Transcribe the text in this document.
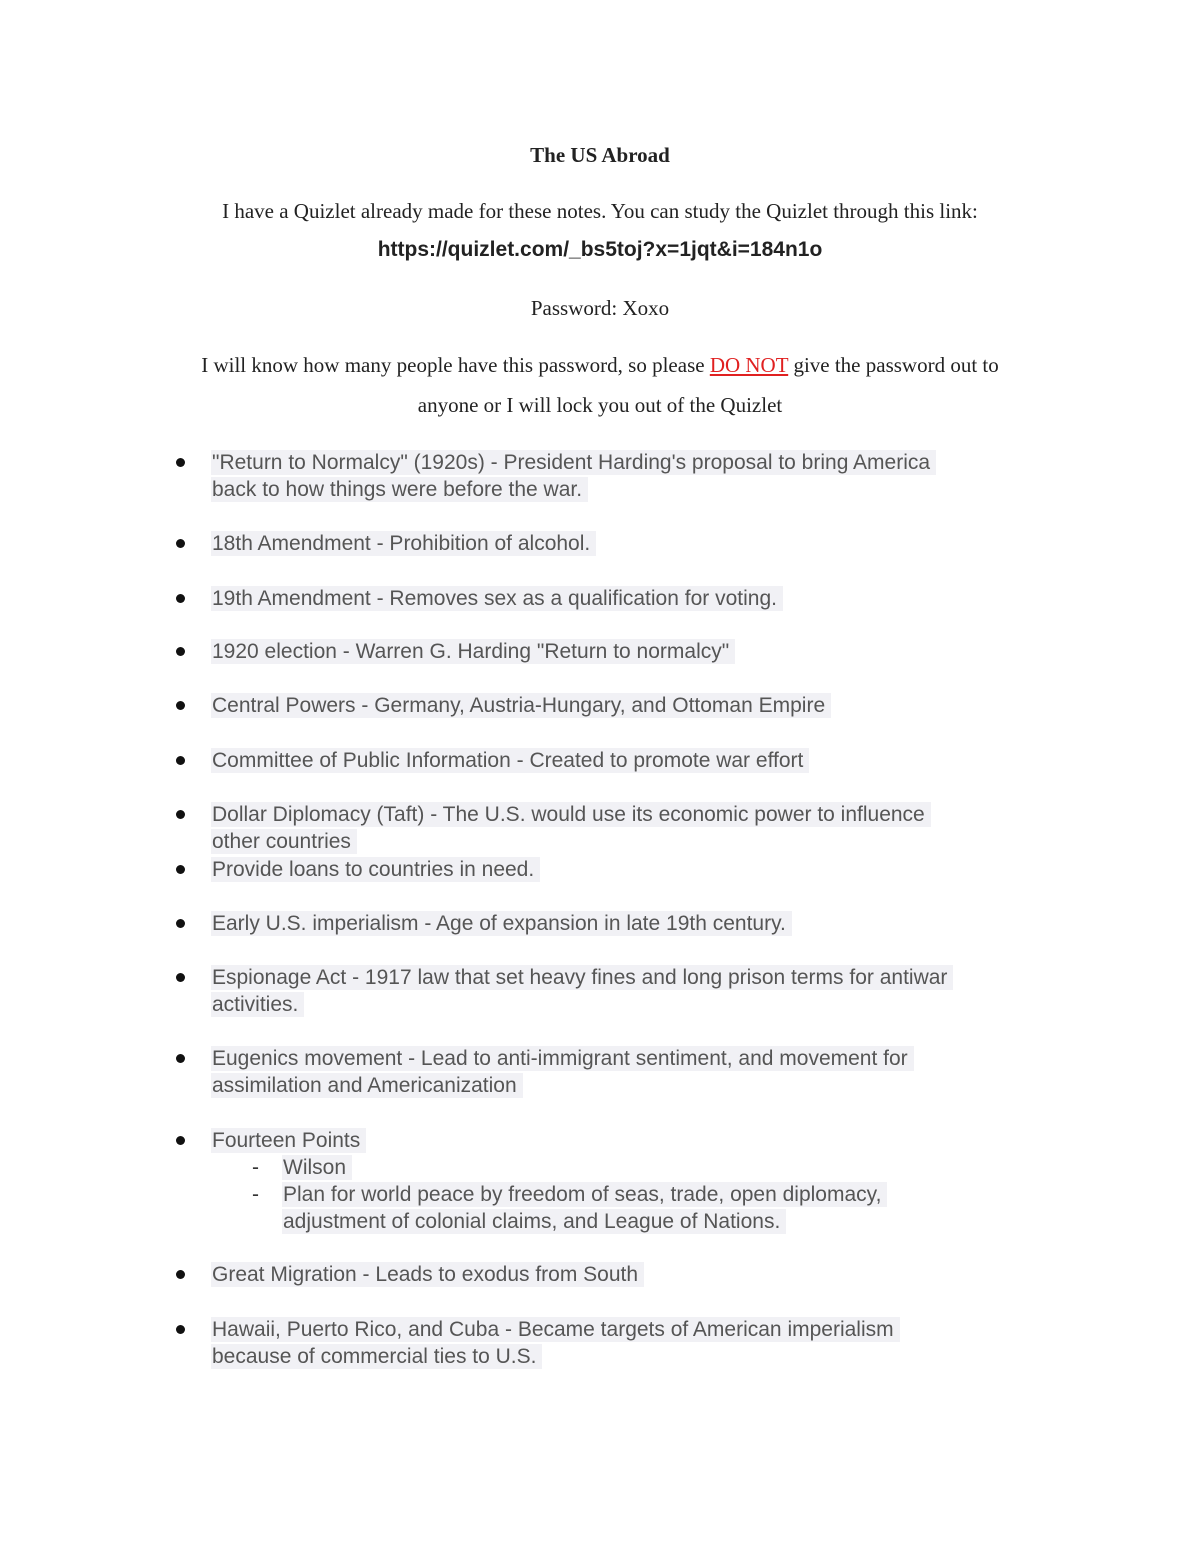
The US Abroad
I have a Quizlet already made for these notes. You can study the Quizlet through this link:
https://quizlet.com/_bs5toj?x=1jqt&i=184n1o
Password: Xoxo
I will know how many people have this password, so please DO NOT give the password out to
anyone or I will lock you out of the Quizlet
"Return to Normalcy" (1920s) - President Harding's proposal to bring America
back to how things were before the war.
18th Amendment - Prohibition of alcohol.
19th Amendment - Removes sex as a qualification for voting.
1920 election - Warren G. Harding "Return to normalcy"
Central Powers - Germany, Austria-Hungary, and Ottoman Empire
Committee of Public Information - Created to promote war effort
Dollar Diplomacy (Taft) - The U.S. would use its economic power to influence
other countries
Provide loans to countries in need.
Early U.S. imperialism - Age of expansion in late 19th century.
Espionage Act - 1917 law that set heavy fines and long prison terms for antiwar
activities.
Eugenics movement - Lead to anti-immigrant sentiment, and movement for
assimilation and Americanization
Fourteen Points
- Wilson
- Plan for world peace by freedom of seas, trade, open diplomacy,
adjustment of colonial claims, and League of Nations.
Great Migration - Leads to exodus from South
Hawaii, Puerto Rico, and Cuba - Became targets of American imperialism
because of commercial ties to U.S.
